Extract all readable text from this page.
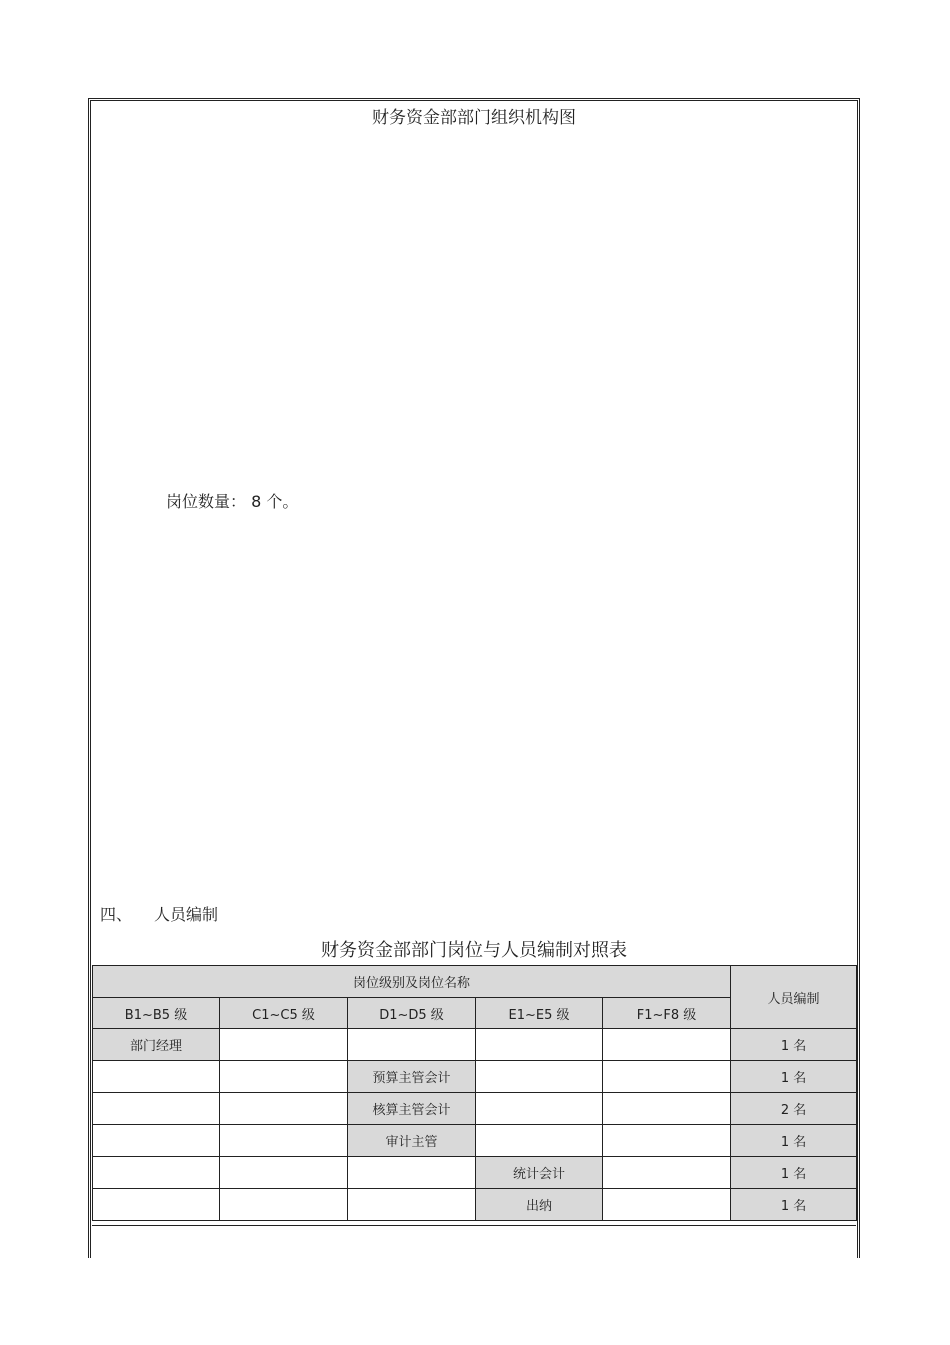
财务资金部部门组织机构图
岗位数量： 8 个。
四、 人员编制
财务资金部部门岗位与人员编制对照表
岗位级别及岗位名称					人员编制
B1~B5 级	C1~C5 级	D1~D5 级	E1~E5 级	F1~F8 级	
部门经理					1 名
		预算主管会计			1 名
		核算主管会计			2 名
		审计主管			1 名
			统计会计		1 名
			出纳		1 名
